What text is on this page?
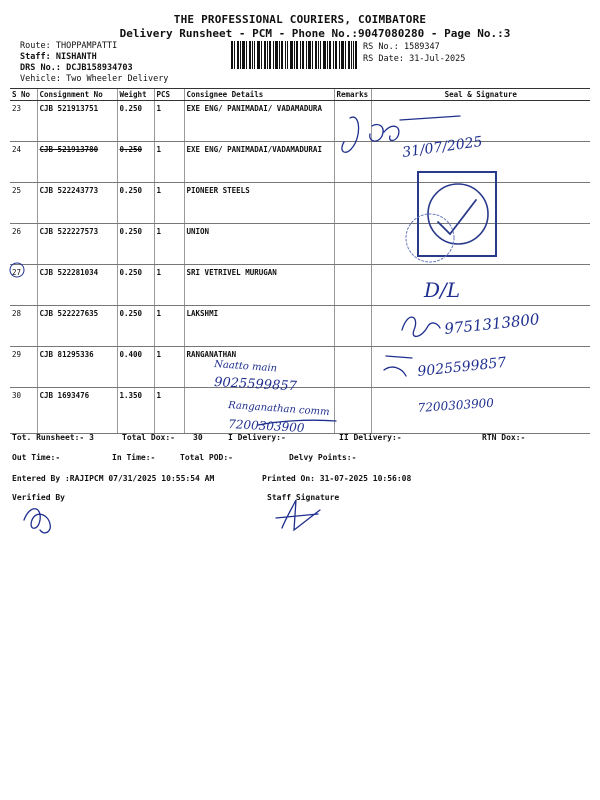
THE PROFESSIONAL COURIERS, COIMBATORE
Delivery Runsheet - PCM - Phone No.:9047080280 - Page No.:3
Route: THOPPAMPATTI
Staff: NISHANTH
DRS No.: DCJB158934703
Vehicle: Two Wheeler Delivery
RS No.: 1589347
RS Date: 31-Jul-2025
S No	Consignment No	Weight	PCS	Consignee Details	Remarks	Seal & Signature
23	CJB 521913751	0.250	1	EXE ENG/ PANIMADAI/ VADAMADURA		
24	CJB 521913780	0.250	1	EXE ENG/ PANIMADAI/VADAMADURAI		
25	CJB 522243773	0.250	1	PIONEER STEELS		
26	CJB 522227573	0.250	1	UNION		
27	CJB 522281034	0.250	1	SRI VETRIVEL MURUGAN		
28	CJB 522227635	0.250	1	LAKSHMI		
29	CJB 81295336	0.400	1	RANGANATHAN		
30	CJB 1693476	1.350	1			
Tot. Runsheet:- 3	Total Dox:- 30	I Delivery:-	II Delivery:-	RTN Dox:-
Out Time:-	In Time:-	Total POD:-	Delvy Points:-
Entered By :RAJIPCM 07/31/2025 10:55:54 AM	Printed On: 31-07-2025 10:56:08
Verified By	Staff Signature
31/07/2025
D/L
9751313800
9025599857
Naatto main
9025599857
Ranganathan comm
7200303900
7200303900
